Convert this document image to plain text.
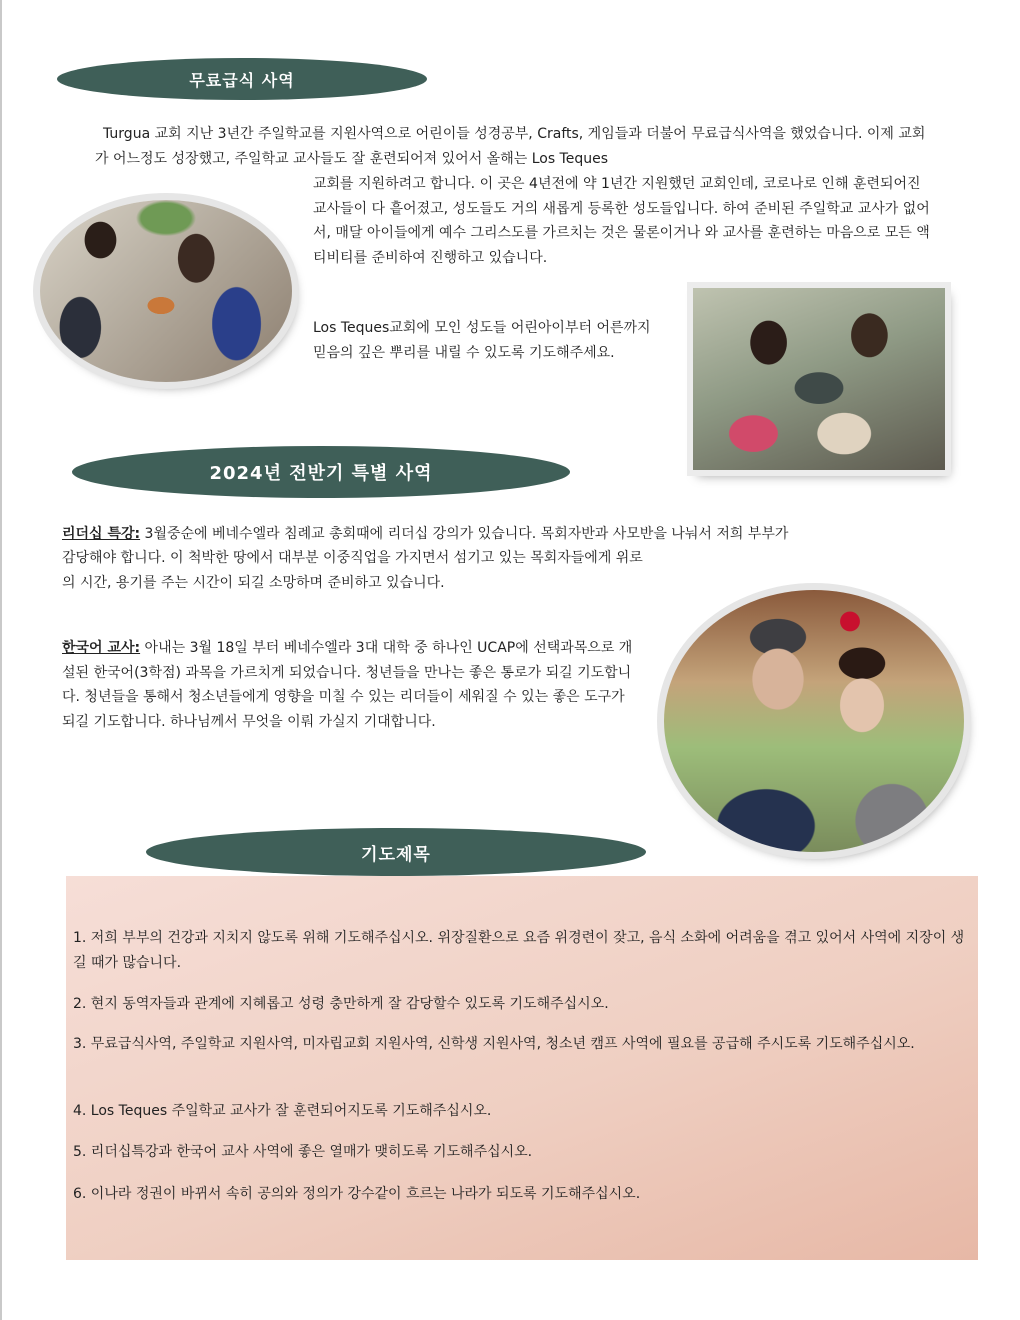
무료급식 사역

Turgua 교회 지난 3년간 주일학교를 지원사역으로 어린이들 성경공부, Crafts, 게임들과 더불어 무료급식사역을 했었습니다. 이제 교회가 어느정도 성장했고, 주일학교 교사들도 잘 훈련되어져 있어서 올해는 Los Teques

교회를 지원하려고 합니다. 이 곳은 4년전에 약 1년간 지원했던 교회인데, 코로나로 인해 훈련되어진 교사들이 다 흩어졌고, 성도들도 거의 새롭게 등록한 성도들입니다. 하여 준비된 주일학교 교사가 없어서, 매달 아이들에게 예수 그리스도를 가르치는 것은 물론이거나 와 교사를 훈련하는 마음으로 모든 액티비티를 준비하여 진행하고 있습니다.

Los Teques교회에 모인 성도들 어린아이부터 어른까지 믿음의 깊은 뿌리를 내릴 수 있도록 기도해주세요.

2024년 전반기 특별 사역

리더십 특강: 3월중순에 베네수엘라 침례교 총회때에 리더십 강의가 있습니다. 목회자반과 사모반을 나눠서 저희 부부가

감당해야 합니다. 이 척박한 땅에서 대부분 이중직업을 가지면서 섬기고 있는 목회자들에게 위로의 시간, 용기를 주는 시간이 되길 소망하며 준비하고 있습니다.

한국어 교사: 아내는 3월 18일 부터 베네수엘라 3대 대학 중 하나인 UCAP에 선택과목으로 개설된 한국어(3학점) 과목을 가르치게 되었습니다. 청년들을 만나는 좋은 통로가 되길 기도합니다. 청년들을 통해서 청소년들에게 영향을 미칠 수 있는 리더들이 세워질 수 있는 좋은 도구가 되길 기도합니다. 하나님께서 무엇을 이뤄 가실지 기대합니다.

기도제목
1. 저희 부부의 건강과 지치지 않도록 위해 기도해주십시오. 위장질환으로 요즘 위경련이 잦고, 음식 소화에 어려움을 겪고 있어서 사역에 지장이 생길 때가 많습니다.
2. 현지 동역자들과 관계에 지혜롭고 성령 충만하게 잘 감당할수 있도록 기도해주십시오.
3. 무료급식사역, 주일학교 지원사역, 미자립교회 지원사역, 신학생 지원사역, 청소년 캠프 사역에 필요를 공급해 주시도록 기도해주십시오.
4. Los Teques 주일학교 교사가 잘 훈련되어지도록 기도해주십시오.
5. 리더십특강과 한국어 교사 사역에 좋은 열매가 맺히도록 기도해주십시오.
6. 이나라 정권이 바뀌서 속히 공의와 정의가 강수같이 흐르는 나라가 되도록 기도해주십시오.
